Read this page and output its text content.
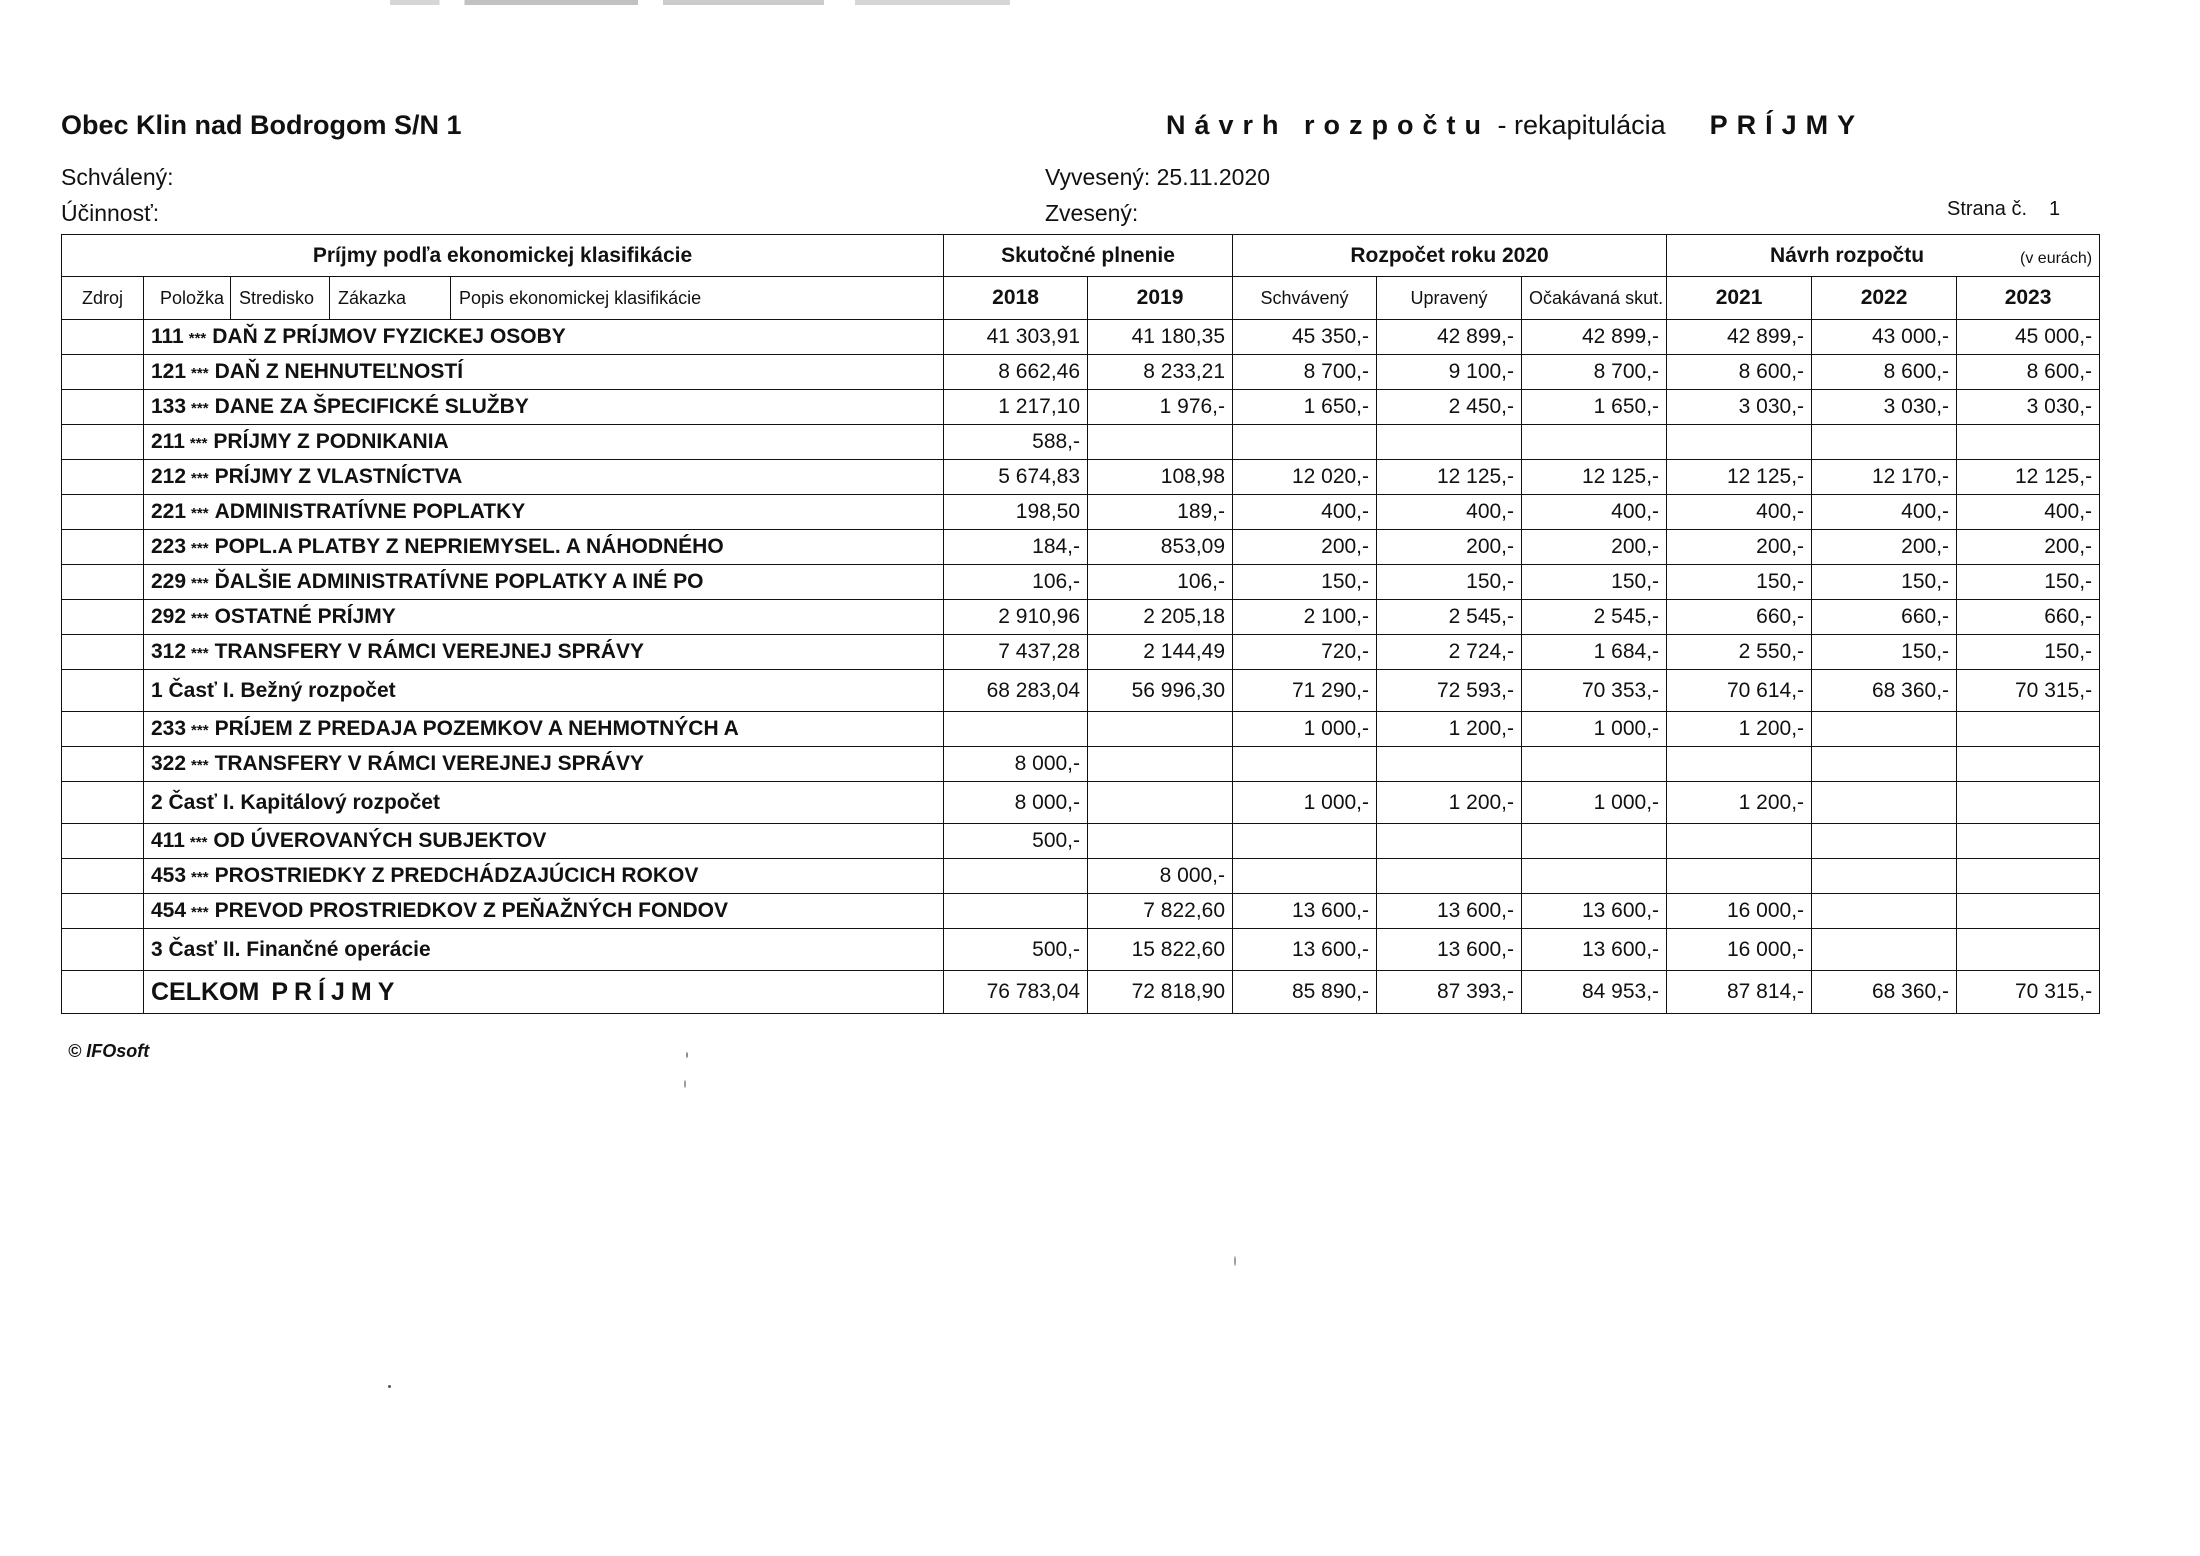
Obec Klin nad Bodrogom S/N 1	Návrh rozpočtu - rekapitulácia PRÍJMY
Schválený:
Účinnosť:
Vyvesený: 25.11.2020
Zvesený:	Strana č. 1
Príjmy podľa ekonomickej klasifikácie		Skutočné plnenie		Rozpočet roku 2020			Návrh rozpočtu (v eurách)		

Zdroj	Položka Stredisko Zákazka Popis ekonomickej klasifikácie	2018	2019	Schvávený	Upravený	Očakávaná skut.	2021	2022	2023
	111 *** DAŇ Z PRÍJMOV FYZICKEJ OSOBY	41 303,91	41 180,35	45 350,-	42 899,-	42 899,-	42 899,-	43 000,-	45 000,-
	121 *** DAŇ Z NEHNUTEĽNOSTÍ	8 662,46	8 233,21	8 700,-	9 100,-	8 700,-	8 600,-	8 600,-	8 600,-
	133 *** DANE ZA ŠPECIFICKÉ SLUŽBY	1 217,10	1 976,-	1 650,-	2 450,-	1 650,-	3 030,-	3 030,-	3 030,-
	211 *** PRÍJMY Z PODNIKANIA	588,-							
	212 *** PRÍJMY Z VLASTNÍCTVA	5 674,83	108,98	12 020,-	12 125,-	12 125,-	12 125,-	12 170,-	12 125,-
	221 *** ADMINISTRATÍVNE POPLATKY	198,50	189,-	400,-	400,-	400,-	400,-	400,-	400,-
	223 *** POPL.A PLATBY Z NEPRIEMYSEL. A NÁHODNÉHO	184,-	853,09	200,-	200,-	200,-	200,-	200,-	200,-
	229 *** ĎALŠIE ADMINISTRATÍVNE POPLATKY A INÉ PO	106,-	106,-	150,-	150,-	150,-	150,-	150,-	150,-
	292 *** OSTATNÉ PRÍJMY	2 910,96	2 205,18	2 100,-	2 545,-	2 545,-	660,-	660,-	660,-
	312 *** TRANSFERY V RÁMCI VEREJNEJ SPRÁVY	7 437,28	2 144,49	720,-	2 724,-	1 684,-	2 550,-	150,-	150,-
	1 Časť I. Bežný rozpočet	68 283,04	56 996,30	71 290,-	72 593,-	70 353,-	70 614,-	68 360,-	70 315,-
	233 *** PRÍJEM Z PREDAJA POZEMKOV A NEHMOTNÝCH A			1 000,-	1 200,-	1 000,-	1 200,-		
	322 *** TRANSFERY V RÁMCI VEREJNEJ SPRÁVY	8 000,-							
	2 Časť I. Kapitálový rozpočet	8 000,-		1 000,-	1 200,-	1 000,-	1 200,-		
	411 *** OD ÚVEROVANÝCH SUBJEKTOV	500,-							
	453 *** PROSTRIEDKY Z PREDCHÁDZAJÚCICH ROKOV		8 000,-						
	454 *** PREVOD PROSTRIEDKOV Z PEŇAŽNÝCH FONDOV		7 822,60	13 600,-	13 600,-	13 600,-	16 000,-		
	3 Časť II. Finančné operácie	500,-	15 822,60	13 600,-	13 600,-	13 600,-	16 000,-		
	CELKOM PRÍJMY	76 783,04	72 818,90	85 890,-	87 393,-	84 953,-	87 814,-	68 360,-	70 315,-
© IFOsoft
